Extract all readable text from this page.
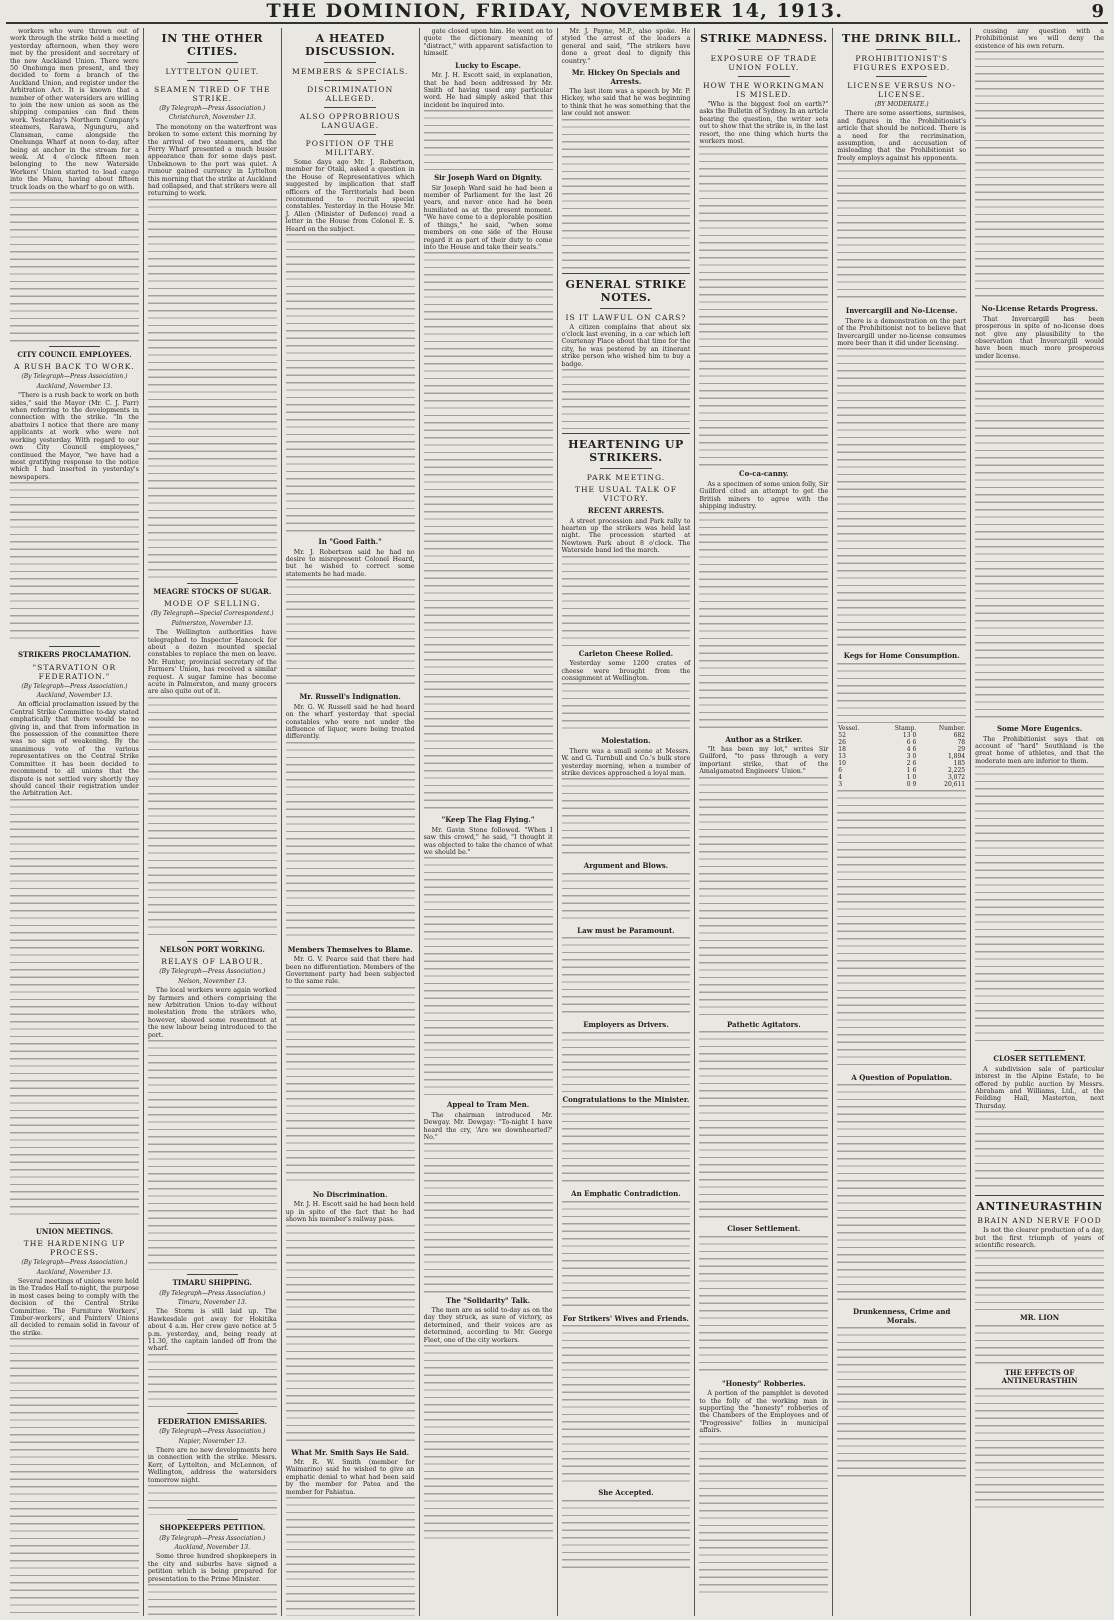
THE DOMINION, FRIDAY, NOVEMBER 14, 1913.	9

workers who were thrown out of work through the strike held a meeting yesterday afternoon, when they were met by the president and secretary of the new Auckland Union. There were 50 Onehunga men present, and they decided to form a branch of the Auckland Union, and register under the Arbitration Act. It is known that a number of other watersiders are willing to join the new union as soon as the shipping companies can find them work. Yesterday's Northern Company's steamers, Rarawa, Ngunguru, and Clansman, came alongside the Onehunga Wharf at noon to-day, after being at anchor in the stream for a week. At 4 o'clock fifteen men belonging to the new Waterside Workers' Union started to load cargo into the Manu, having about fifteen truck loads on the wharf to go on with.

CITY COUNCIL EMPLOYEES.
A RUSH BACK TO WORK.
(By Telegraph—Press Association.)
Auckland, November 13.

"There is a rush back to work on both sides," said the Mayor (Mr. C. J. Parr) when referring to the developments in connection with the strike. "In the abattoirs I notice that there are many applicants at work who were not working yesterday. With regard to our own City Council employees," continued the Mayor, "we have had a most gratifying response to the notice which I had inserted in yesterday's newspapers.

STRIKERS PROCLAMATION.
"STARVATION OR FEDERATION."
(By Telegraph—Press Association.)
Auckland, November 13.

An official proclamation issued by the Central Strike Committee to-day stated emphatically that there would be no giving in, and that from information in the possession of the committee there was no sign of weakening. By the unanimous vote of the various representatives on the Central Strike Committee it has been decided to recommend to all unions that the dispute is not settled very shortly they should cancel their registration under the Arbitration Act.

UNION MEETINGS.
THE HARDENING UP PROCESS.
(By Telegraph—Press Association.)
Auckland, November 13.

Several meetings of unions were held in the Trades Hall to-night, the purpose in most cases being to comply with the decision of the Central Strike Committee. The Furniture Workers', Timber-workers', and Painters' Unions all decided to remain solid in favour of the strike.

IN THE OTHER CITIES.
LYTTELTON QUIET.
SEAMEN TIRED OF THE STRIKE.
(By Telegraph—Press Association.)
Christchurch, November 13.

The monotony on the waterfront was broken to some extent this morning by the arrival of two steamers, and the Ferry Wharf presented a much busier appearance than for some days past. Unbeknown to the port was quiet. A rumour gained currency in Lyttelton this morning that the strike at Auckland had collapsed, and that strikers were all returning to work.

MEAGRE STOCKS OF SUGAR.
MODE OF SELLING.
(By Telegraph—Special Correspondent.)
Palmerston, November 13.

The Wellington authorities have telegraphed to Inspector Hancock for about a dozen mounted special constables to replace the men on leave. Mr. Hunter, provincial secretary of the Farmers' Union, has received a similar request. A sugar famine has become acute in Palmerston, and many grocers are also quite out of it.

NELSON PORT WORKING.
RELAYS OF LABOUR.
(By Telegraph—Press Association.)
Nelson, November 13.

The local workers were again worked by farmers and others comprising the new Arbitration Union to-day without molestation from the strikers who, however, showed some resentment at the new labour being introduced to the port.

TIMARU SHIPPING.
(By Telegraph—Press Association.)
Timaru, November 13.

The Storm is still laid up. The Hawkesdale got away for Hokitika about 4 a.m. Her crew gave notice at 5 p.m. yesterday, and, being ready at 11.30, the captain landed off from the wharf.

FEDERATION EMISSARIES.
(By Telegraph—Press Association.)
Napier, November 13.

There are no new developments here in connection with the strike. Messrs. Kerr, of Lyttelton, and McLennon, of Wellington, address the watersiders tomorrow night.

SHOPKEEPERS PETITION.
(By Telegraph—Press Association.)
Auckland, November 13.

Some three hundred shopkeepers in the city and suburbs have signed a petition which is being prepared for presentation to the Prime Minister.

A HEATED DISCUSSION.
MEMBERS & SPECIALS.
DISCRIMINATION ALLEGED.
ALSO OPPROBRIOUS LANGUAGE.
POSITION OF THE MILITARY.

Some days ago Mr. J. Robertson, member for Otaki, asked a question in the House of Representatives which suggested by implication that staff officers of the Territorials had been recommend to recruit special constables. Yesterday in the House Mr. J. Allen (Minister of Defence) read a letter in the House from Colonel E. S. Heard on the subject.

In "Good Faith."

Mr. J. Robertson said he had no desire to misrepresent Colonel Heard, but he wished to correct some statements he had made.

Mr. Russell's Indignation.

Mr. G. W. Russell said he had heard on the wharf yesterday that special constables who were not under the influence of liquor, were being treated differently.

Members Themselves to Blame.

Mr. G. V. Pearce said that there had been no differentiation. Members of the Government party had been subjected to the same rule.

No Discrimination.

Mr. J. H. Escott said he had been held up in spite of the fact that he had shown his member's railway pass.

What Mr. Smith Says He Said.

Mr. R. W. Smith (member for Waimarino) said he wished to give an emphatic denial to what had been said by the member for Patea and the member for Pahiatua.

gate closed upon him. He went on to quote the dictionary meaning of "distract," with apparent satisfaction to himself.

Lucky to Escape.

Mr. J. H. Escott said, in explanation, that he had been addressed by Mr. Smith of having used any particular word. He had simply asked that this incident be inquired into.

Sir Joseph Ward on Dignity.

Sir Joseph Ward said he had been a member of Parliament for the last 26 years, and never once had he been humiliated as at the present moment. "We have come to a deplorable position of things," he said, "when some members on one side of the House regard it as part of their duty to come into the House and take their seats."

"Keep The Flag Flying."

Mr. Gavin Stone followed. "When I saw this crowd," he said, "I thought it was objected to take the chance of what we should be."

Appeal to Tram Men.

The chairman introduced Mr. Dewgay. Mr. Dewgay: "To-night I have heard the cry, 'Are we downhearted?' No."

The "Solidarity" Talk.

The men are as solid to-day as on the day they struck, as sure of victory, as determined, and their voices are as determined, according to Mr. George Fleet, one of the city workers.

Mr. J. Payne, M.P., also spoke. He styled the arrest of the leaders a general and said, "The strikers have done a great deal to dignify this country."

Mr. Hickey On Specials and Arrests.

The last item was a speech by Mr. P. Hickey, who said that he was beginning to think that he was something that the law could not answer.

GENERAL STRIKE NOTES.
IS IT LAWFUL ON CARS?

A citizen complains that about six o'clock last evening, in a car which left Courtenay Place about that time for the city, he was pestered by an itinerant strike person who wished him to buy a badge.

HEARTENING UP STRIKERS.
PARK MEETING.
THE USUAL TALK OF VICTORY.
RECENT ARRESTS.

A street procession and Park rally to hearten up the strikers was held last night. The procession started at Newtown Park about 8 o'clock. The Waterside band led the march.

Carleton Cheese Rolled.

Yesterday some 1200 crates of cheese were brought from the consignment at Wellington.

Molestation.

There was a small scene at Messrs. W. and G. Turnbull and Co.'s bulk store yesterday morning, when a number of strike devices approached a loyal man.

Argument and Blows.
Law must be Paramount.
Employers as Drivers.
Congratulations to the Minister.
An Emphatic Contradiction.
For Strikers' Wives and Friends.
She Accepted.
STRIKE MADNESS.
EXPOSURE OF TRADE UNION FOLLY.
HOW THE WORKINGMAN IS MISLED.

"Who is the biggest fool on earth?" asks the Bulletin of Sydney. In an article bearing the question, the writer sets out to show that the strike is, in the last resort, the one thing which hurts the workers most.

Co-ca-canny.

As a specimen of some union folly, Sir Guilford cited an attempt to get the British miners to agree with the shipping industry.

Author as a Striker.

"It has been my lot," writes Sir Guilford, "to pass through a very important strike, that of the Amalgamated Engineers' Union."

Pathetic Agitators.
Closer Settlement.
"Honesty" Robberies.

A portion of the pamphlet is devoted to the folly of the working man in supporting the "honesty" robberies of the Chambers of the Employees and of "Progressive" follies in municipal affairs.

THE DRINK BILL.
PROHIBITIONIST'S FIGURES EXPOSED.
LICENSE VERSUS NO-LICENSE.
(BY MODERATE.)

There are some assertions, surmises, and figures in the Prohibitionist's article that should be noticed. There is a need for the recrimination, assumption, and accusation of misleading that the Prohibitionist so freely employs against his opponents.

Invercargill and No-License.

There is a demonstration on the part of the Prohibitionist not to believe that Invercargill under no-license consumes more beer than it did under licensing.

Kegs for Home Consumption.
Vessel.	Stamp.	Number.
52	13 0	682
26	6 6	78
18	4 6	29
13	3 0	1,894
10	2 6	185
6	1 6	2,225
4	1 0	3,072
3	0 9	20,611
A Question of Population.
Drunkenness, Crime and Morals.

cussing any question with a Prohibitionist we will deny the existence of his own return.

No-License Retards Progress.

That Invercargill has been prosperous in spite of no-license does not give any plausibility to the observation that Invercargill would have been much more prosperous under license.

Some More Eugenics.

The Prohibitionist says that on account of "hard" Southland is the great home of athletes, and that the moderate men are inferior to them.

CLOSER SETTLEMENT.

A subdivision sale of particular interest in the Alpine Estate, to be offered by public auction by Messrs. Abraham and Williams, Ltd., at the Feilding Hall, Masterton, next Thursday.

ANTINEURASTHIN
BRAIN AND NERVE FOOD

Is not the clearer production of a day, but the first triumph of years of scientific research.

MR. LION
THE EFFECTS OF ANTINEURASTHIN
